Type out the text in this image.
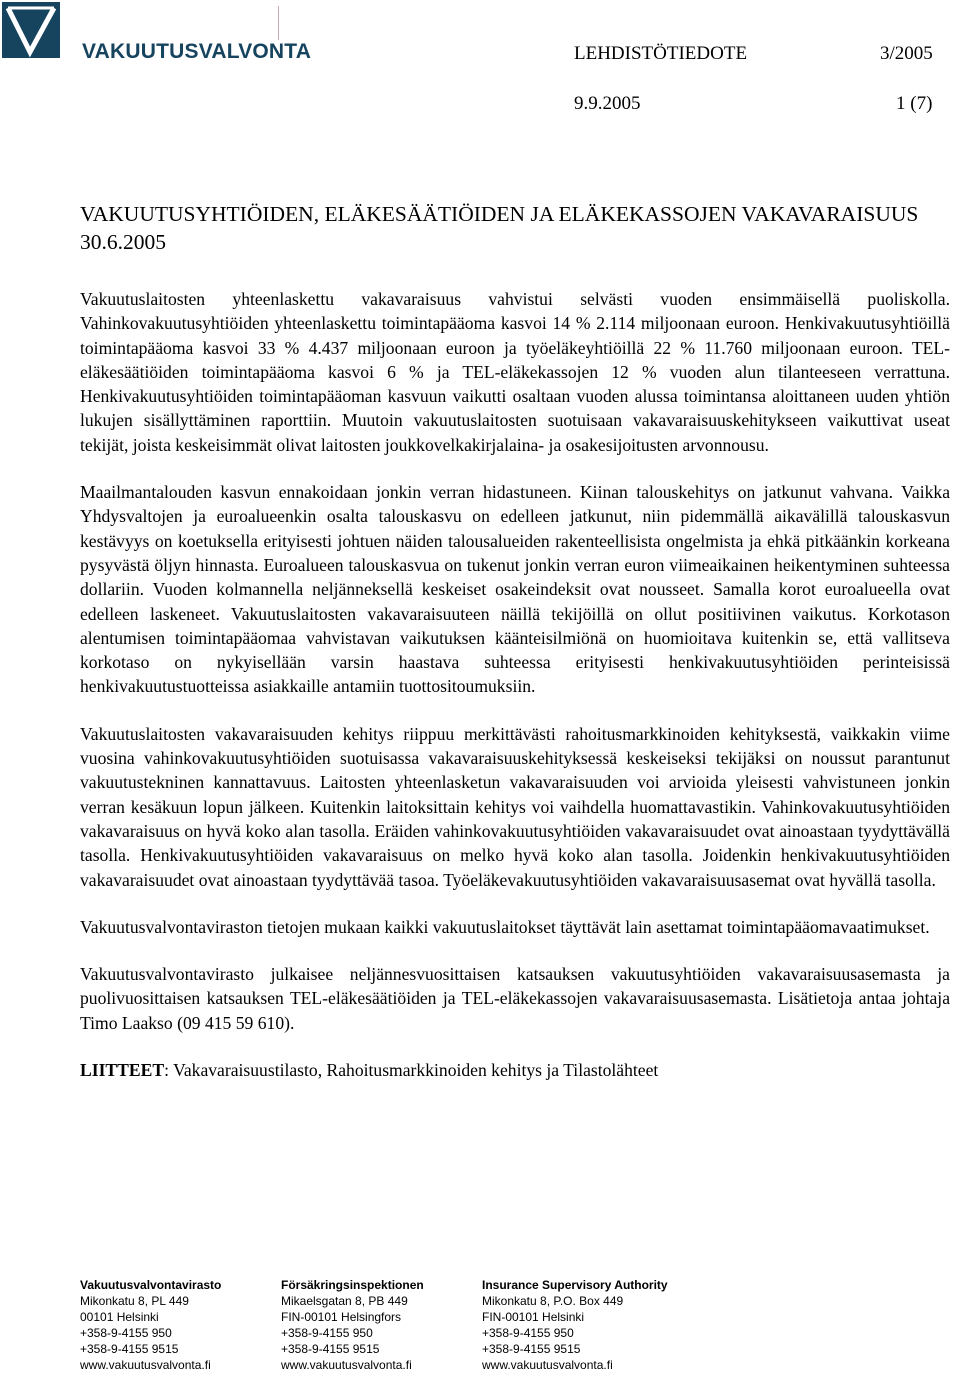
VAKUUTUSVALVONTA	LEHDISTÖTIEDOTE	3/2005
9.9.2005	1 (7)
VAKUUTUSYHTIÖIDEN, ELÄKESÄÄTIÖIDEN JA ELÄKEKASSOJEN VAKAVARAISUUS 30.6.2005

Vakuutuslaitosten yhteenlaskettu vakavaraisuus vahvistui selvästi vuoden ensimmäisellä puoliskolla. Vahinkovakuutusyhtiöiden yhteenlaskettu toimintapääoma kasvoi 14 % 2.114 miljoonaan euroon. Henkivakuutusyhtiöillä toimintapääoma kasvoi 33 % 4.437 miljoonaan euroon ja työeläkeyhtiöillä 22 % 11.760 miljoonaan euroon. TEL-eläkesäätiöiden toimintapääoma kasvoi 6 % ja TEL-eläkekassojen 12 % vuoden alun tilanteeseen verrattuna. Henkivakuutusyhtiöiden toimintapääoman kasvuun vaikutti osaltaan vuoden alussa toimintansa aloittaneen uuden yhtiön lukujen sisällyttäminen raporttiin. Muutoin vakuutuslaitosten suotuisaan vakavaraisuuskehitykseen vaikuttivat useat tekijät, joista keskeisimmät olivat laitosten joukkovelkakirjalaina- ja osakesijoitusten arvonnousu.

Maailmantalouden kasvun ennakoidaan jonkin verran hidastuneen. Kiinan talouskehitys on jatkunut vahvana. Vaikka Yhdysvaltojen ja euroalueenkin osalta talouskasvu on edelleen jatkunut, niin pidemmällä aikavälillä talouskasvun kestävyys on koetuksella erityisesti johtuen näiden talousalueiden rakenteellisista ongelmista ja ehkä pitkäänkin korkeana pysyvästä öljyn hinnasta. Euroalueen talouskasvua on tukenut jonkin verran euron viimeaikainen heikentyminen suhteessa dollariin. Vuoden kolmannella neljänneksellä keskeiset osakeindeksit ovat nousseet. Samalla korot euroalueella ovat edelleen laskeneet. Vakuutuslaitosten vakavaraisuuteen näillä tekijöillä on ollut positiivinen vaikutus. Korkotason alentumisen toimintapääomaa vahvistavan vaikutuksen käänteisilmiönä on huomioitava kuitenkin se, että vallitseva korkotaso on nykyisellään varsin haastava suhteessa erityisesti henkivakuutusyhtiöiden perinteisissä henkivakuutustuotteissa asiakkaille antamiin tuottositoumuksiin.

Vakuutuslaitosten vakavaraisuuden kehitys riippuu merkittävästi rahoitusmarkkinoiden kehityksestä, vaikkakin viime vuosina vahinkovakuutusyhtiöiden suotuisassa vakavaraisuuskehityksessä keskeiseksi tekijäksi on noussut parantunut vakuutustekninen kannattavuus. Laitosten yhteenlasketun vakavaraisuuden voi arvioida yleisesti vahvistuneen jonkin verran kesäkuun lopun jälkeen. Kuitenkin laitoksittain kehitys voi vaihdella huomattavastikin. Vahinkovakuutusyhtiöiden vakavaraisuus on hyvä koko alan tasolla. Eräiden vahinkovakuutusyhtiöiden vakavaraisuudet ovat ainoastaan tyydyttävällä tasolla. Henkivakuutusyhtiöiden vakavaraisuus on melko hyvä koko alan tasolla. Joidenkin henkivakuutusyhtiöiden vakavaraisuudet ovat ainoastaan tyydyttävää tasoa. Työeläkevakuutusyhtiöiden vakavaraisuusasemat ovat hyvällä tasolla.

Vakuutusvalvontaviraston tietojen mukaan kaikki vakuutuslaitokset täyttävät lain asettamat toimintapääomavaatimukset.

Vakuutusvalvontavirasto julkaisee neljännesvuosittaisen katsauksen vakuutusyhtiöiden vakavaraisuusasemasta ja puolivuosittaisen katsauksen TEL-eläkesäätiöiden ja TEL-eläkekassojen vakavaraisuusasemasta. Lisätietoja antaa johtaja Timo Laakso (09 415 59 610).

LIITTEET: Vakavaraisuustilasto, Rahoitusmarkkinoiden kehitys ja Tilastolähteet

Vakuutusvalvontavirasto
Mikonkatu 8, PL 449
00101 Helsinki
+358-9-4155 950
+358-9-4155 9515
www.vakuutusvalvonta.fi
Försäkringsinspektionen
Mikaelsgatan 8, PB 449
FIN-00101 Helsingfors
+358-9-4155 950
+358-9-4155 9515
www.vakuutusvalvonta.fi
Insurance Supervisory Authority
Mikonkatu 8, P.O. Box 449
FIN-00101 Helsinki
+358-9-4155 950
+358-9-4155 9515
www.vakuutusvalvonta.fi
